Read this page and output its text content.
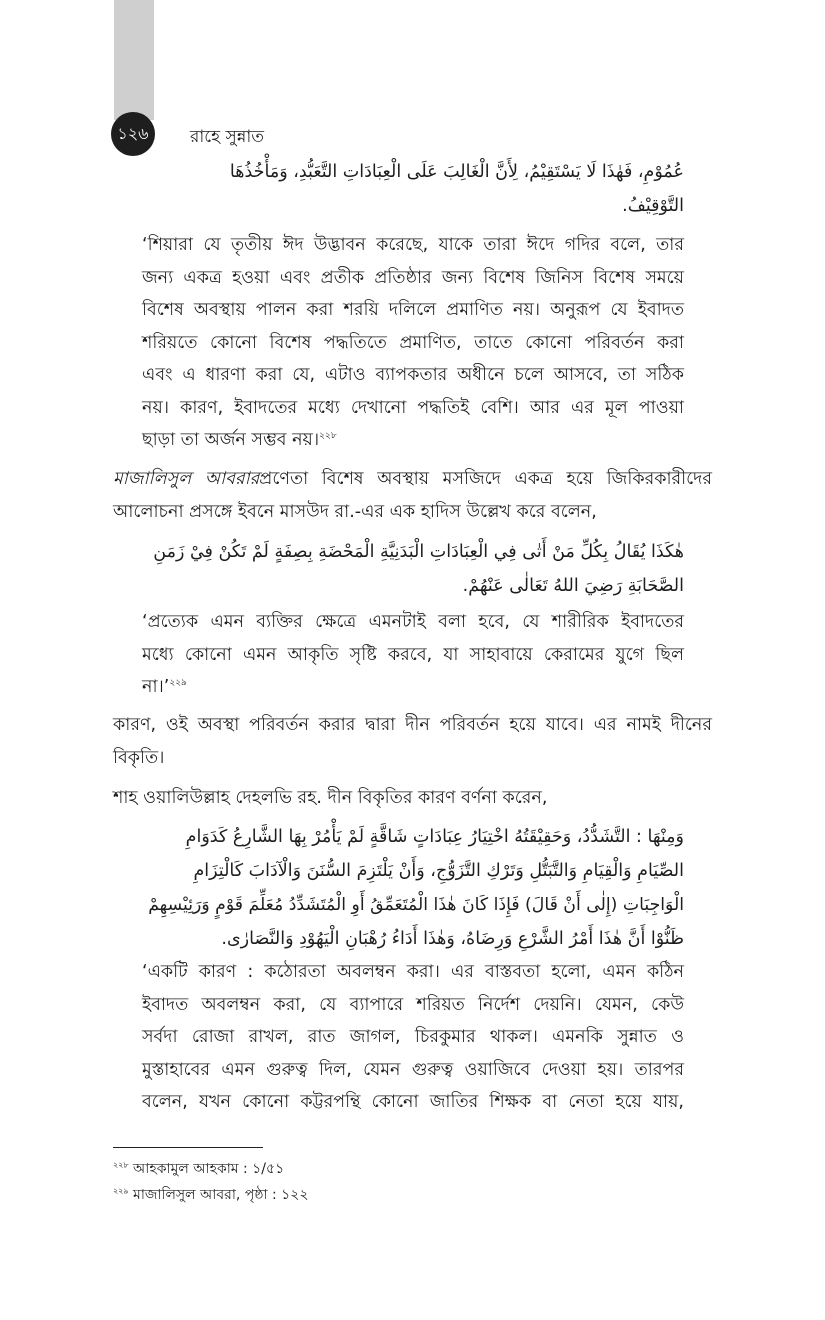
১২৬	রাহে সুন্নাত
عُمُوْمِ، فَهٰذَا لَا يَسْتَقِيْمُ، لِأَنَّ الْغَالِبَ عَلَى الْعِبَادَاتِ التَّعَبُّدِ، وَمَأْخُذُهَا
التَّوْقِيْفُ.
‘শিয়ারা যে তৃতীয় ঈদ উদ্ভাবন করেছে, যাকে তারা ঈদে গদির বলে, তার
জন্য একত্র হওয়া এবং প্রতীক প্রতিষ্ঠার জন্য বিশেষ জিনিস বিশেষ সময়ে
বিশেষ অবস্থায় পালন করা শরয়ি দলিলে প্রমাণিত নয়। অনুরূপ যে ইবাদত
শরিয়তে কোনো বিশেষ পদ্ধতিতে প্রমাণিত, তাতে কোনো পরিবর্তন করা
এবং এ ধারণা করা যে, এটাও ব্যাপকতার অধীনে চলে আসবে, তা সঠিক
নয়। কারণ, ইবাদতের মধ্যে দেখানো পদ্ধতিই বেশি। আর এর মূল পাওয়া
ছাড়া তা অর্জন সম্ভব নয়।$^{২২৮}$
মাজালিসুল আবরারপ্রণেতা বিশেষ অবস্থায় মসজিদে একত্র হয়ে জিকিরকারীদের
আলোচনা প্রসঙ্গে ইবনে মাসউদ রা.-এর এক হাদিস উল্লেখ করে বলেন,
هٰكَذَا يُقَالُ بِكُلِّ مَنْ أَتٰى فِي الْعِبَادَاتِ الْبَدَنِيَّةِ الْمَحْضَةِ بِصِفَةٍ لَمْ تَكُنْ فِيْ زَمَنِ
الصَّحَابَةِ رَضِيَ اللهُ تَعَالٰى عَنْهُمْ.
‘প্রত্যেক এমন ব্যক্তির ক্ষেত্রে এমনটাই বলা হবে, যে শারীরিক ইবাদতের
মধ্যে কোনো এমন আকৃতি সৃষ্টি করবে, যা সাহাবায়ে কেরামের যুগে ছিল
না।’$^{২২৯}$
কারণ, ওই অবস্থা পরিবর্তন করার দ্বারা দীন পরিবর্তন হয়ে যাবে। এর নামই দীনের
বিকৃতি।
শাহ ওয়ালিউল্লাহ দেহলভি রহ. দীন বিকৃতির কারণ বর্ণনা করেন,
وَمِنْهَا : التَّشَدُّدُ، وَحَقِيْقَتُهُ اخْتِيَارُ عِبَادَاتٍ شَاقَّةٍ لَمْ يَأْمُرْ بِهَا الشَّارِعُ كَدَوَامِ
الصِّيَامِ وَالْقِيَامِ وَالتَّبَتُّلِ وَتَرْكِ التَّزَوُّجِ، وَأَنْ يَلْتَزِمَ السُّنَنَ وَالْآدَابَ كَالْتِزَامِ
الْوَاجِبَاتِ (إِلٰى أَنْ قَالَ) فَإِذَا كَانَ هٰذَا الْمُتَعَمِّقُ أَوِ الْمُتَشَدِّدُ مُعَلِّمَ قَوْمٍ وَرَئِيْسِهِمْ
ظَنُّوْا أَنَّ هٰذَا أَمْرُ الشَّرْعِ وَرِضَاهُ، وَهٰذَا أَدَاءُ رُهْبَانِ الْيَهُوْدِ وَالنَّصَارٰى.
‘একটি কারণ : কঠোরতা অবলম্বন করা। এর বাস্তবতা হলো, এমন কঠিন
ইবাদত অবলম্বন করা, যে ব্যাপারে শরিয়ত নির্দেশ দেয়নি। যেমন, কেউ
সর্বদা রোজা রাখল, রাত জাগল, চিরকুমার থাকল। এমনকি সুন্নাত ও
মুস্তাহাবের এমন গুরুত্ব দিল, যেমন গুরুত্ব ওয়াজিবে দেওয়া হয়। তারপর
বলেন, যখন কোনো কট্টরপন্থি কোনো জাতির শিক্ষক বা নেতা হয়ে যায়,
$^{২২৮}$ আহকামুল আহকাম : ১/৫১
$^{২২৯}$ মাজালিসুল আবরা, পৃষ্ঠা : ১২২
